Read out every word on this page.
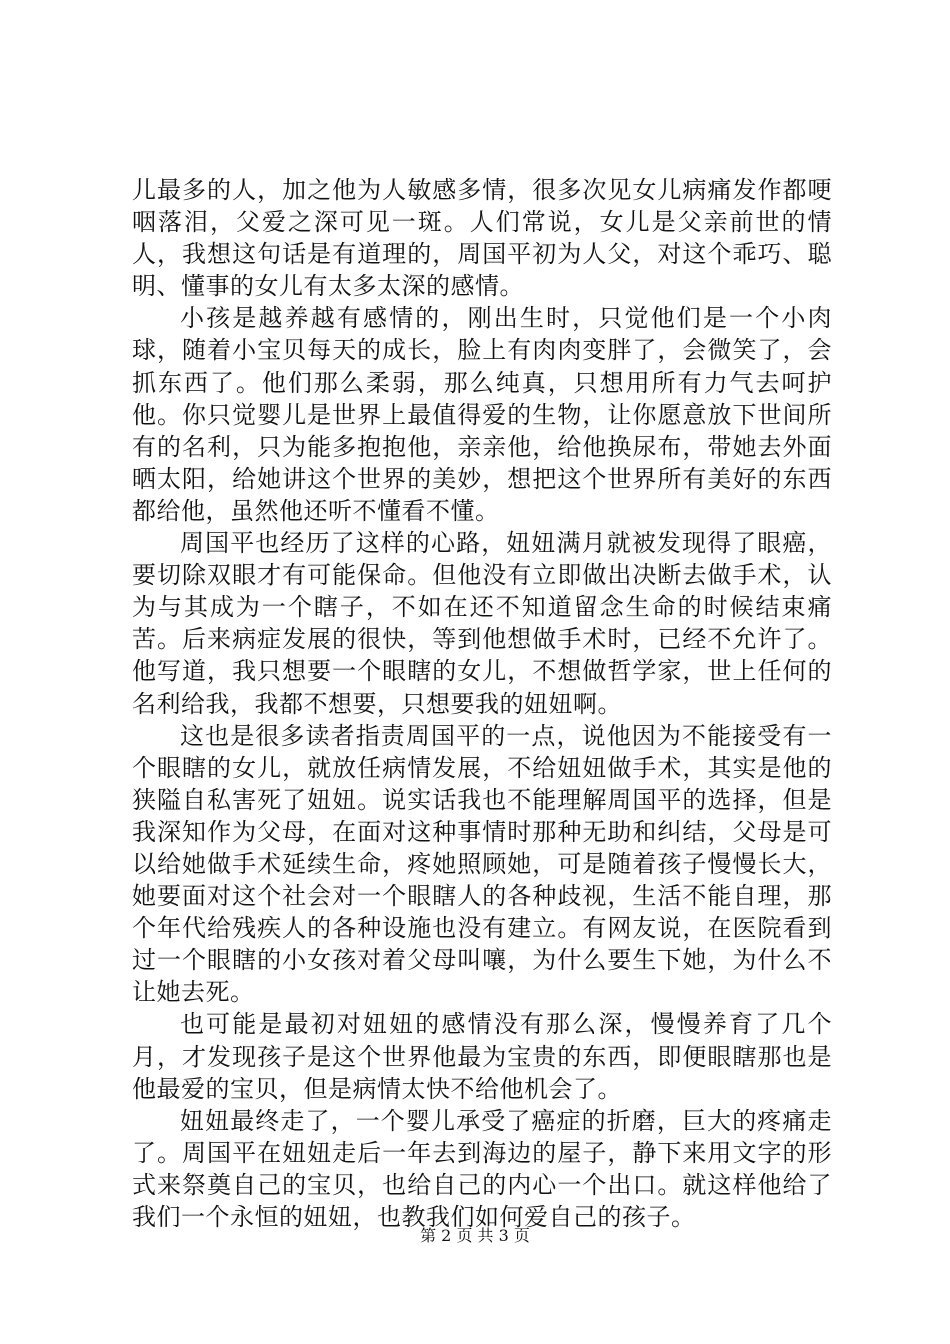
儿最多的人，加之他为人敏感多情，很多次见女儿病痛发作都哽咽落泪，父爱之深可见一斑。人们常说，女儿是父亲前世的情人，我想这句话是有道理的，周国平初为人父，对这个乖巧、聪明、懂事的女儿有太多太深的感情。

小孩是越养越有感情的，刚出生时，只觉他们是一个小肉球，随着小宝贝每天的成长，脸上有肉肉变胖了，会微笑了，会抓东西了。他们那么柔弱，那么纯真，只想用所有力气去呵护他。你只觉婴儿是世界上最值得爱的生物，让你愿意放下世间所有的名利，只为能多抱抱他，亲亲他，给他换尿布，带她去外面晒太阳，给她讲这个世界的美妙，想把这个世界所有美好的东西都给他，虽然他还听不懂看不懂。

周国平也经历了这样的心路，妞妞满月就被发现得了眼癌，要切除双眼才有可能保命。但他没有立即做出决断去做手术，认为与其成为一个瞎子，不如在还不知道留念生命的时候结束痛苦。后来病症发展的很快，等到他想做手术时，已经不允许了。他写道，我只想要一个眼瞎的女儿，不想做哲学家，世上任何的名利给我，我都不想要，只想要我的妞妞啊。

这也是很多读者指责周国平的一点，说他因为不能接受有一个眼瞎的女儿，就放任病情发展，不给妞妞做手术，其实是他的狭隘自私害死了妞妞。说实话我也不能理解周国平的选择，但是我深知作为父母，在面对这种事情时那种无助和纠结，父母是可以给她做手术延续生命，疼她照顾她，可是随着孩子慢慢长大，她要面对这个社会对一个眼瞎人的各种歧视，生活不能自理，那个年代给残疾人的各种设施也没有建立。有网友说，在医院看到过一个眼瞎的小女孩对着父母叫嚷，为什么要生下她，为什么不让她去死。

也可能是最初对妞妞的感情没有那么深，慢慢养育了几个月，才发现孩子是这个世界他最为宝贵的东西，即便眼瞎那也是他最爱的宝贝，但是病情太快不给他机会了。

妞妞最终走了，一个婴儿承受了癌症的折磨，巨大的疼痛走了。周国平在妞妞走后一年去到海边的屋子，静下来用文字的形式来祭奠自己的宝贝，也给自己的内心一个出口。就这样他给了我们一个永恒的妞妞，也教我们如何爱自己的孩子。

第 2 页 共 3 页
